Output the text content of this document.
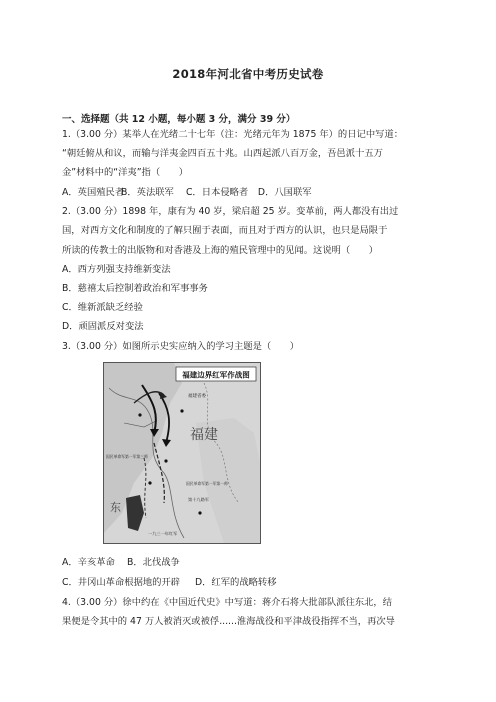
2018年河北省中考历史试卷
一、选择题（共 12 小题，每小题 3 分，满分 39 分）
1.（3.00 分）某举人在光绪二十七年（注：光绪元年为 1875 年）的日记中写道：
“朝廷俯从和议，而输与洋夷金四百五十兆。山西起派八百万金，吾邑派十五万
金”材料中的“洋夷”指（　　）
A．英国殖民者 B．英法联军 C．日本侵略者 D．八国联军
2.（3.00 分）1898 年，康有为 40 岁，梁启超 25 岁。变革前，两人都没有出过
国，对西方文化和制度的了解只囿于表面，而且对于西方的认识，也只是局限于
所读的传教士的出版物和对香港及上海的殖民管理中的见闻。这说明（　　）
A．西方列强支持维新变法
B．慈禧太后控制着政治和军事事务
C．维新派缺乏经验
D．顽固派反对变法
3.（3.00 分）如图所示史实应纳入的学习主题是（　　）
福建边界红军作战图
福建
东
福建省委
国民革命军第一军第三师
国民革命军第一军第一师
第十九路军
一九三一年红军
A．辛亥革命 B．北伐战争
C．井冈山革命根据地的开辟 D．红军的战略转移
4.（3.00 分）徐中约在《中国近代史》中写道：蒋介石将大批部队派往东北，结
果便是令其中的 47 万人被消灭或被俘......淮海战役和平津战役指挥不当，再次导
